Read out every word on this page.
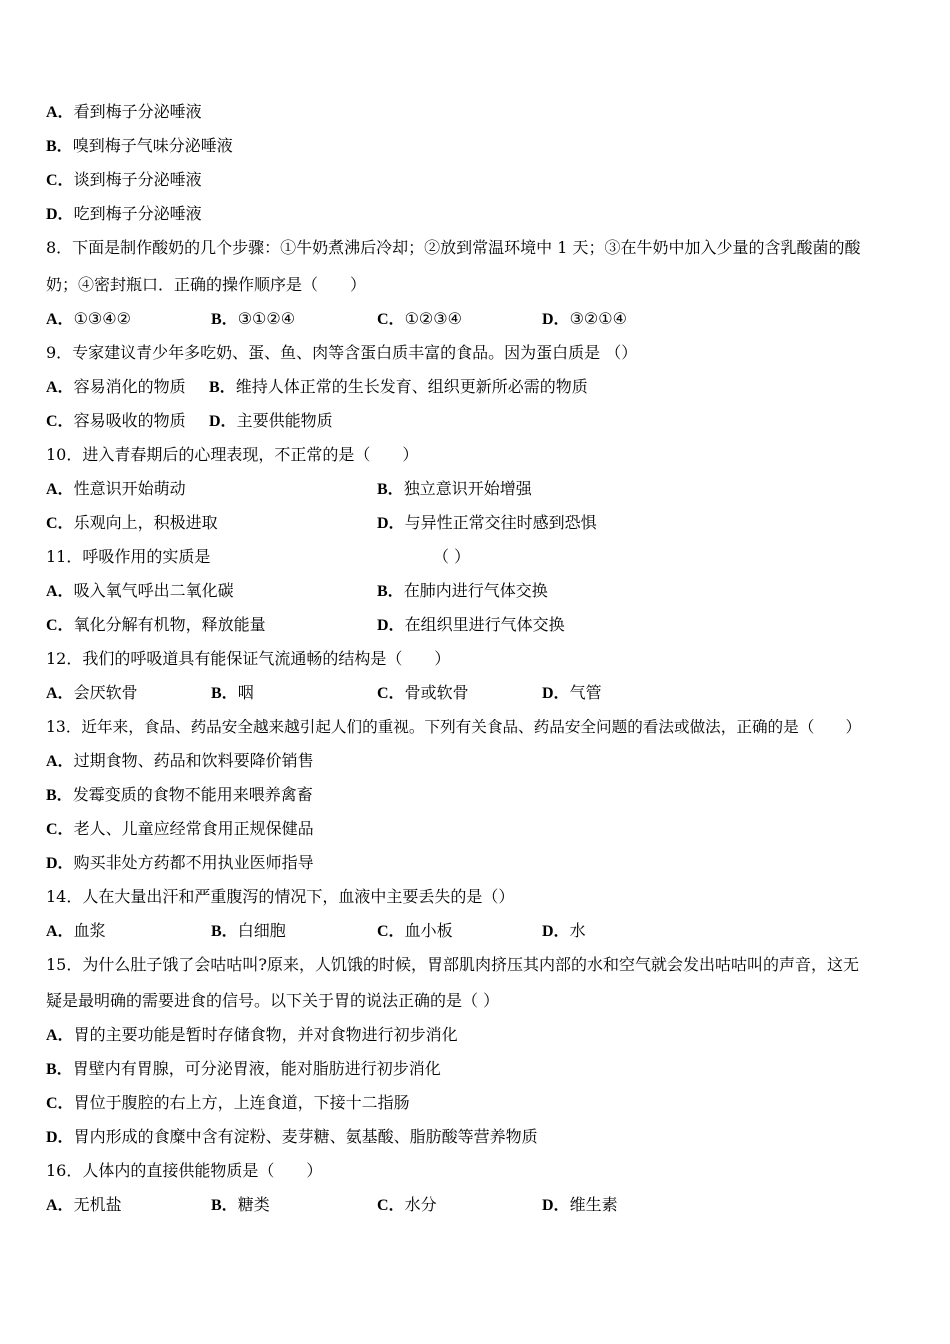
A．看到梅子分泌唾液
B．嗅到梅子气味分泌唾液
C．谈到梅子分泌唾液
D．吃到梅子分泌唾液
8．下面是制作酸奶的几个步骤：①牛奶煮沸后冷却；②放到常温环境中 1 天；③在牛奶中加入少量的含乳酸菌的酸
奶；④密封瓶口．正确的操作顺序是（　　）
A．①③④②	B．③①②④	C．①②③④	D．③②①④
9．专家建议青少年多吃奶、蛋、鱼、肉等含蛋白质丰富的食品。因为蛋白质是 （）
A．容易消化的物质 B．维持人体正常的生长发育、组织更新所必需的物质
C．容易吸收的物质 D．主要供能物质
10．进入青春期后的心理表现，不正常的是（　　）
A．性意识开始萌动	B．独立意识开始增强
C．乐观向上，积极进取	D．与异性正常交往时感到恐惧
11．呼吸作用的实质是	（ ）
A．吸入氧气呼出二氧化碳	B．在肺内进行气体交换
C．氧化分解有机物，释放能量	D．在组织里进行气体交换
12．我们的呼吸道具有能保证气流通畅的结构是（　　）
A．会厌软骨	B．咽	C．骨或软骨	D．气管
13．近年来，食品、药品安全越来越引起人们的重视。下列有关食品、药品安全问题的看法或做法，正确的是（　　）
A．过期食物、药品和饮料要降价销售
B．发霉变质的食物不能用来喂养禽畜
C．老人、儿童应经常食用正规保健品
D．购买非处方药都不用执业医师指导
14．人在大量出汗和严重腹泻的情况下，血液中主要丢失的是（）
A．血浆	B．白细胞	C．血小板	D．水
15．为什么肚子饿了会咕咕叫?原来，人饥饿的时候，胃部肌肉挤压其内部的水和空气就会发出咕咕叫的声音，这无
疑是最明确的需要进食的信号。以下关于胃的说法正确的是（ ）
A．胃的主要功能是暂时存储食物，并对食物进行初步消化
B．胃壁内有胃腺，可分泌胃液，能对脂肪进行初步消化
C．胃位于腹腔的右上方，上连食道，下接十二指肠
D．胃内形成的食糜中含有淀粉、麦芽糖、氨基酸、脂肪酸等营养物质
16．人体内的直接供能物质是（　　）
A．无机盐	B．糖类	C．水分	D．维生素
